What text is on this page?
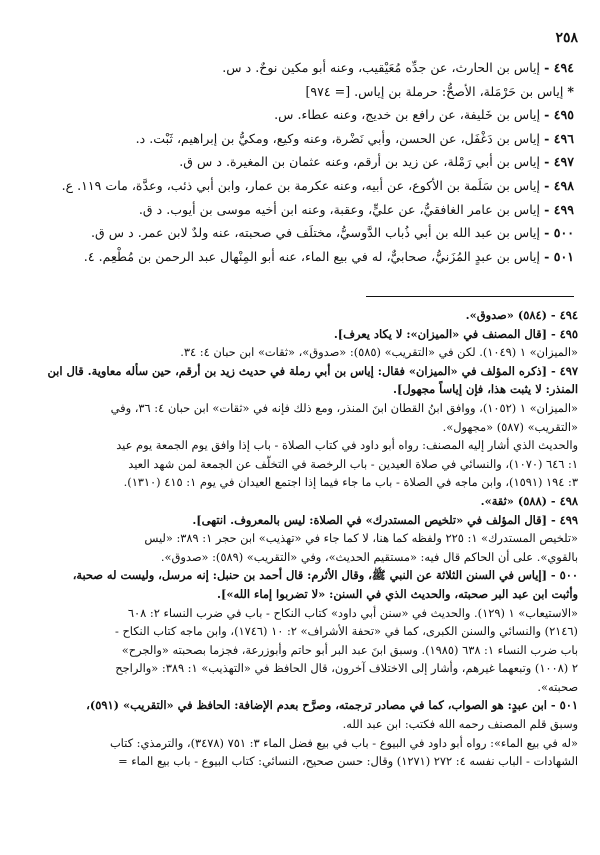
٢٥٨
٤٩٤ - إياس بن الحارث، عن جدِّه مُعَيْقيب، وعنه أبو مكين نوحٌ. د س.
* إياس بن حَرْمَلة، الأصحُّ: حرملة بن إياس. [= ٩٧٤]
٤٩٥ - إياس بن خَليفة، عن رافع بن خديج، وعنه عطاء. س.
٤٩٦ - إياس بن دَغْفَل، عن الحسن، وأبي نَضْرة، وعنه وكيع، ومكيُّ بن إبراهيم، ثَبْت. د.
٤٩٧ - إياس بن أبي رَمْلة، عن زيد بن أرقم، وعنه عثمان بن المغيرة. د س ق.
٤٩٨ - إياس بن سَلَمة بن الأكوع، عن أبيه، وعنه عكرمة بن عمار، وابن أبي ذئب، وعدَّة، مات ١١٩. ع.
٤٩٩ - إياس بن عامر الغافقيُّ، عن عليٍّ، وعقبة، وعنه ابن أخيه موسى بن أيوب. د ق.
٥٠٠ - إياس بن عبد الله بن أبي ذُباب الدَّوسيُّ، مختلَف في صحبته، عنه ولدٌ لابن عمر. د س ق.
٥٠١ - إياس بن عبدٍ المُزَنيُّ، صحابيٌّ، له في بيع الماء، عنه أبو المِنْهال عبد الرحمن بن مُطْعِم. ٤.
٤٩٤ - (٥٨٤) «صدوق».
٤٩٥ - [قال المصنف في «الميزان»: لا يكاد يعرف].
«الميزان» ١ (١٠٤٩). لكن في «التقريب» (٥٨٥): «صدوق»، «ثقات» ابن حبان ٤: ٣٤.
٤٩٧ - [ذكره المؤلف في «الميزان» فقال: إياس بن أبي رملة في حديث زيد بن أرقم، حين سأله معاوية. قال ابن
المنذر: لا يثبت هذا، فإن إياساً مجهول].
«الميزان» ١ (١٠٥٢)، ووافق ابنُ القطان ابنَ المنذر، ومع ذلك فإنه في «ثقات» ابن حبان ٤: ٣٦، وفي
«التقريب» (٥٨٧) «مجهول».
والحديث الذي أشار إليه المصنف: رواه أبو داود في كتاب الصلاة - باب إذا وافق يوم الجمعة يوم عيد
١: ٦٤٦ (١٠٧٠)، والنسائي في صلاة العيدين - باب الرخصة في التخلُّف عن الجمعة لمن شهد العيد
٣: ١٩٤ (١٥٩١)، وابن ماجه في الصلاة - باب ما جاء فيما إذا اجتمع العيدان في يوم ١: ٤١٥ (١٣١٠).
٤٩٨ - (٥٨٨) «ثقة».
٤٩٩ - [قال المؤلف في «تلخيص المستدرك» في الصلاة: ليس بالمعروف. انتهى].
«تلخيص المستدرك» ١: ٢٢٥ ولفظه كما هنا، لا كما جاء في «تهذيب» ابن حجر ١: ٣٨٩: «ليس
بالقوي». على أن الحاكم قال فيه: «مستقيم الحديث»، وفي «التقريب» (٥٨٩): «صدوق».
٥٠٠ - [إياس في السنن الثلاثة عن النبي ﷺ، وقال الأثرم: قال أحمد بن حنبل: إنه مرسل، وليست له صحبة،
وأثبت ابن عبد البر صحبته، والحديث الذي في السنن: «لا تضربوا إماء الله»].
«الاستيعاب» ١ (١٢٩). والحديث في «سنن أبي داود» كتاب النكاح - باب في ضرب النساء ٢: ٦٠٨
(٢١٤٦) والنسائي والسنن الكبرى، كما في «تحفة الأشراف» ٢: ١٠ (١٧٤٦)، وابن ماجه كتاب النكاح -
باب ضرب النساء ١: ٦٣٨ (١٩٨٥). وسبق ابنَ عبد البر أبو حاتم وأبوزرعة، فجزما بصحبته «والجرح»
٢ (١٠٠٨) وتبعهما غيرهم، وأشار إلى الاختلاف آخرون، قال الحافظ في «التهذيب» ١: ٣٨٩: «والراجح
صحبته».
٥٠١ - ابن عبدٍ: هو الصواب، كما في مصادر ترجمته، وصرَّح بعدم الإضافة: الحافظ في «التقريب» (٥٩١)،
وسبق قلم المصنف رحمه الله فكتب: ابن عبد الله.
«له في بيع الماء»: رواه أبو داود في البيوع - باب في بيع فضل الماء ٣: ٧٥١ (٣٤٧٨)، والترمذي: كتاب
الشهادات - الباب نفسه ٤: ٢٧٢ (١٢٧١) وقال: حسن صحيح، النسائي: كتاب البيوع - باب بيع الماء =
